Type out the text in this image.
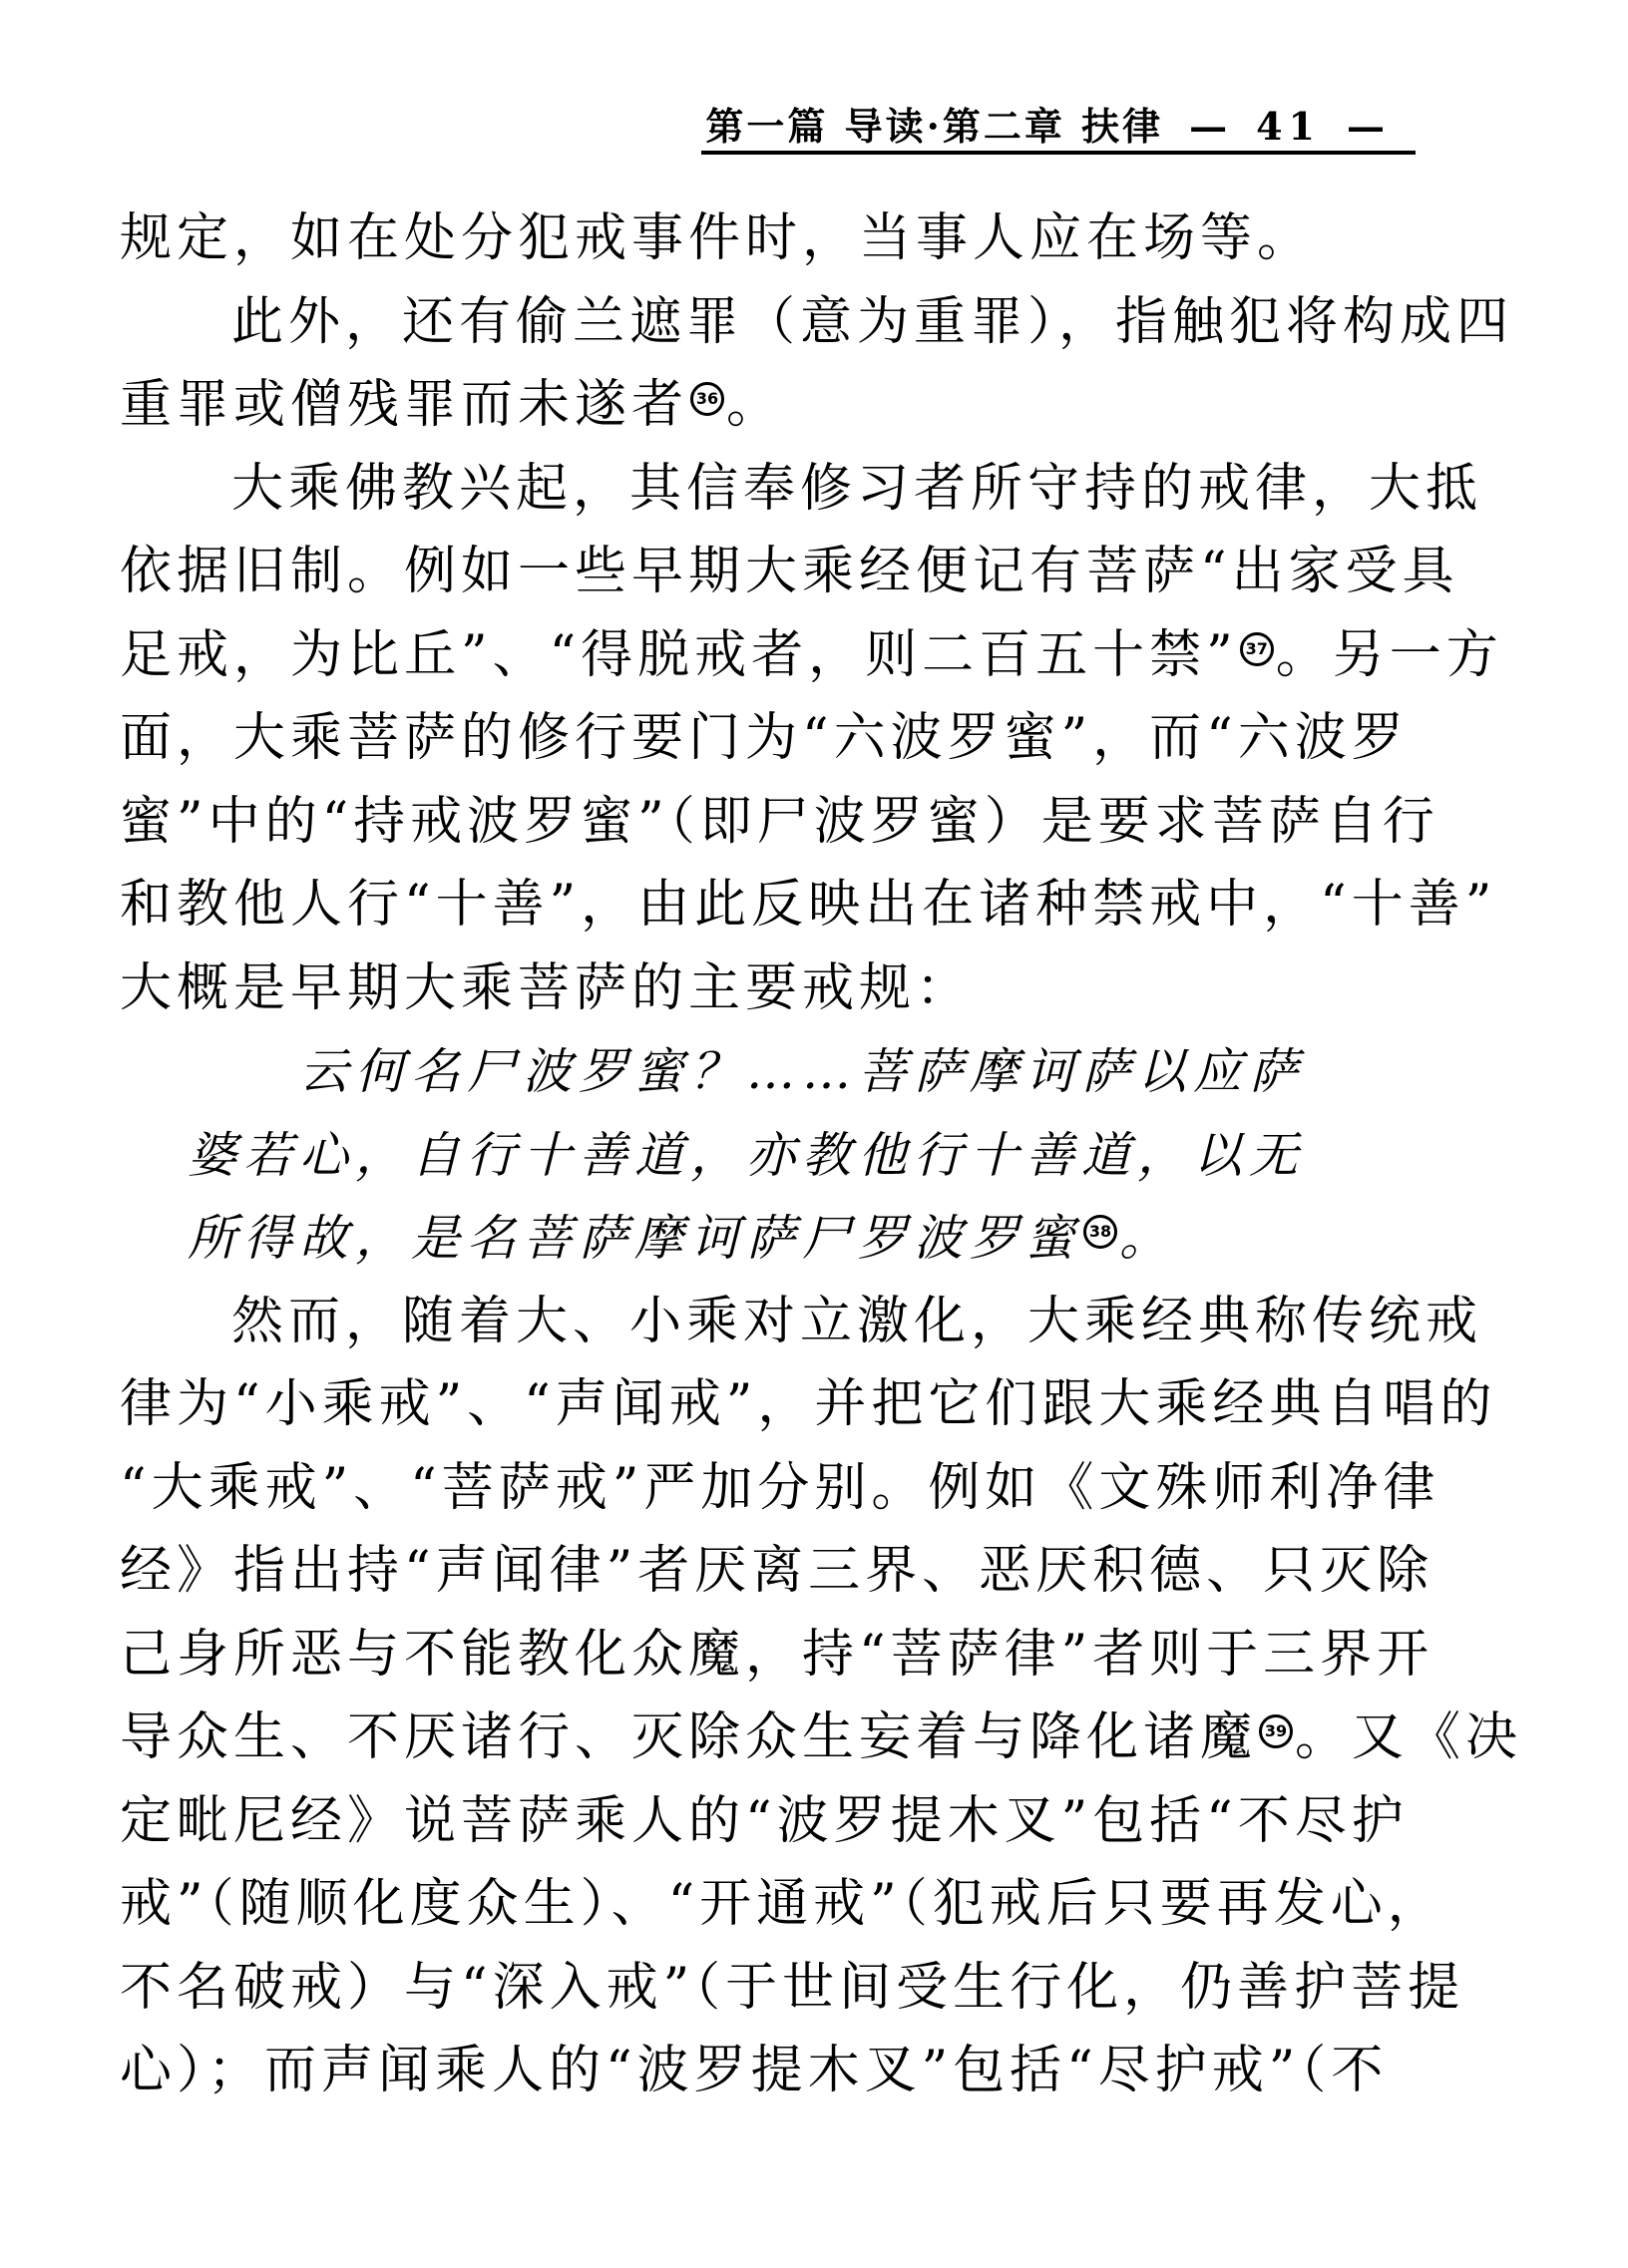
第一篇 导读·第二章 扶律 — 41 —
规定，如在处分犯戒事件时，当事人应在场等。
此外，还有偷兰遮罪（意为重罪），指触犯将构成四
重罪或僧残罪而未遂者 36 。
大乘佛教兴起，其信奉修习者所守持的戒律，大抵
依据旧制。例如一些早期大乘经便记有菩萨“出家受具
足戒，为比丘”、“得脱戒者，则二百五十禁” 37 。另一方
面，大乘菩萨的修行要门为“六波罗蜜”，而“六波罗
蜜”中的“持戒波罗蜜”（即尸波罗蜜）是要求菩萨自行
和教他人行“十善”，由此反映出在诸种禁戒中，“十善”
大概是早期大乘菩萨的主要戒规：
云何名尸波罗蜜？……菩萨摩诃萨以应萨
婆若心，自行十善道，亦教他行十善道，以无
所得故，是名菩萨摩诃萨尸罗波罗蜜 38 。
然而，随着大、小乘对立激化，大乘经典称传统戒
律为“小乘戒”、“声闻戒”，并把它们跟大乘经典自唱的
“大乘戒”、“菩萨戒”严加分别。例如《文殊师利净律
经》指出持“声闻律”者厌离三界、恶厌积德、只灭除
己身所恶与不能教化众魔，持“菩萨律”者则于三界开
导众生、不厌诸行、灭除众生妄着与降化诸魔 39 。又《决
定毗尼经》说菩萨乘人的“波罗提木叉”包括“不尽护
戒”（随顺化度众生）、“开通戒”（犯戒后只要再发心，
不名破戒）与“深入戒”（于世间受生行化，仍善护菩提
心）；而声闻乘人的“波罗提木叉”包括“尽护戒”（不
